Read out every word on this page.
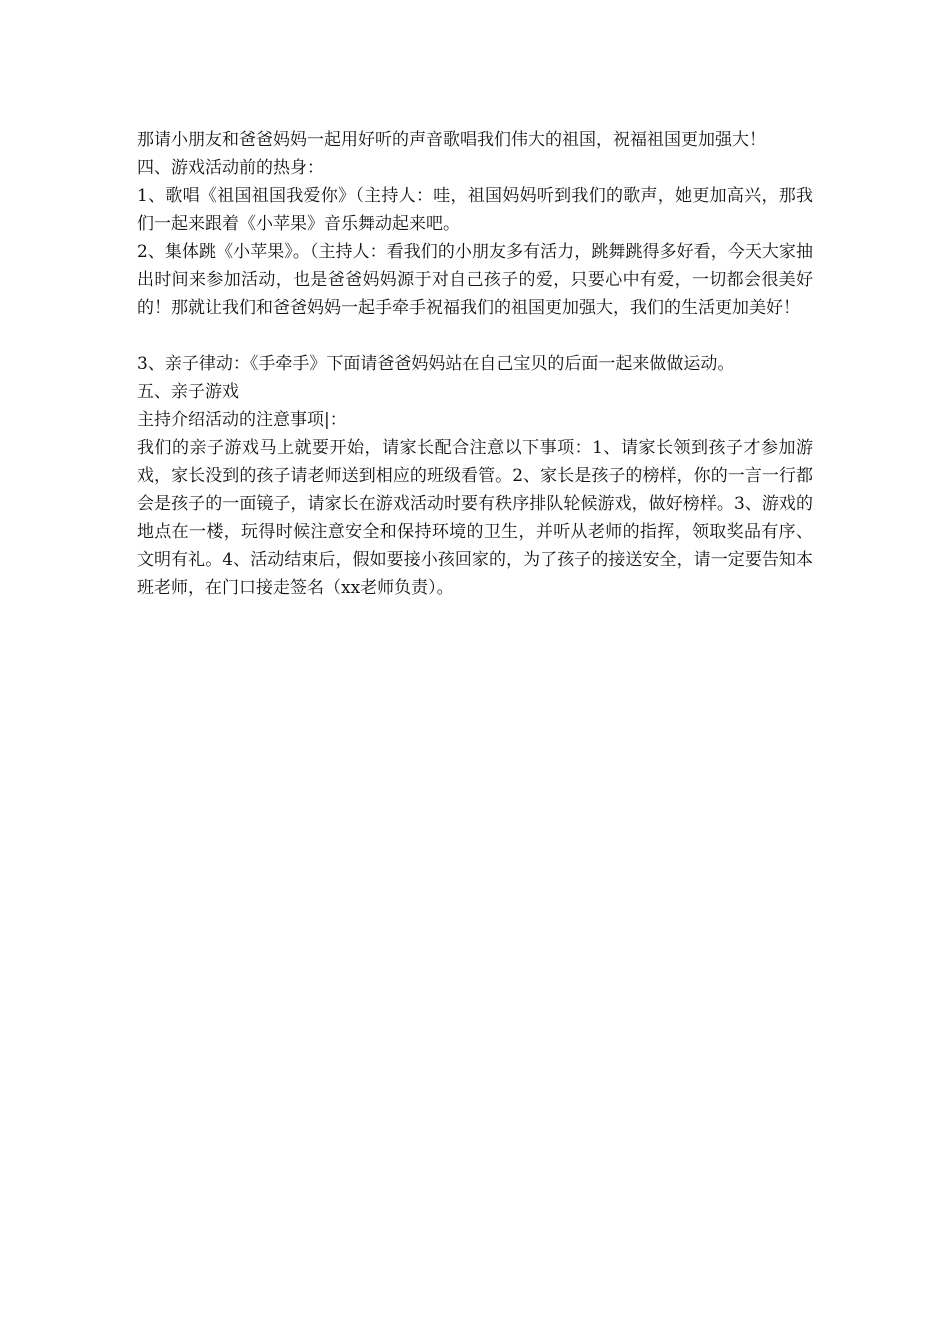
那请小朋友和爸爸妈妈一起用好听的声音歌唱我们伟大的祖国，祝福祖国更加强大！

四、游戏活动前的热身：

1、歌唱《祖国祖国我爱你》（主持人：哇，祖国妈妈听到我们的歌声，她更加高兴，那我们一起来跟着《小苹果》音乐舞动起来吧。

2、集体跳《小苹果》。（主持人：看我们的小朋友多有活力，跳舞跳得多好看，今天大家抽出时间来参加活动，也是爸爸妈妈源于对自己孩子的爱，只要心中有爱，一切都会很美好的！那就让我们和爸爸妈妈一起手牵手祝福我们的祖国更加强大，我们的生活更加美好！

3、亲子律动：《手牵手》下面请爸爸妈妈站在自己宝贝的后面一起来做做运动。

五、亲子游戏

主持介绍活动的注意事项|：

我们的亲子游戏马上就要开始，请家长配合注意以下事项：1、请家长领到孩子才参加游戏，家长没到的孩子请老师送到相应的班级看管。2、家长是孩子的榜样，你的一言一行都会是孩子的一面镜子，请家长在游戏活动时要有秩序排队轮候游戏，做好榜样。3、游戏的地点在一楼，玩得时候注意安全和保持环境的卫生，并听从老师的指挥，领取奖品有序、文明有礼。4、活动结束后，假如要接小孩回家的，为了孩子的接送安全，请一定要告知本班老师，在门口接走签名（xx老师负责）。
